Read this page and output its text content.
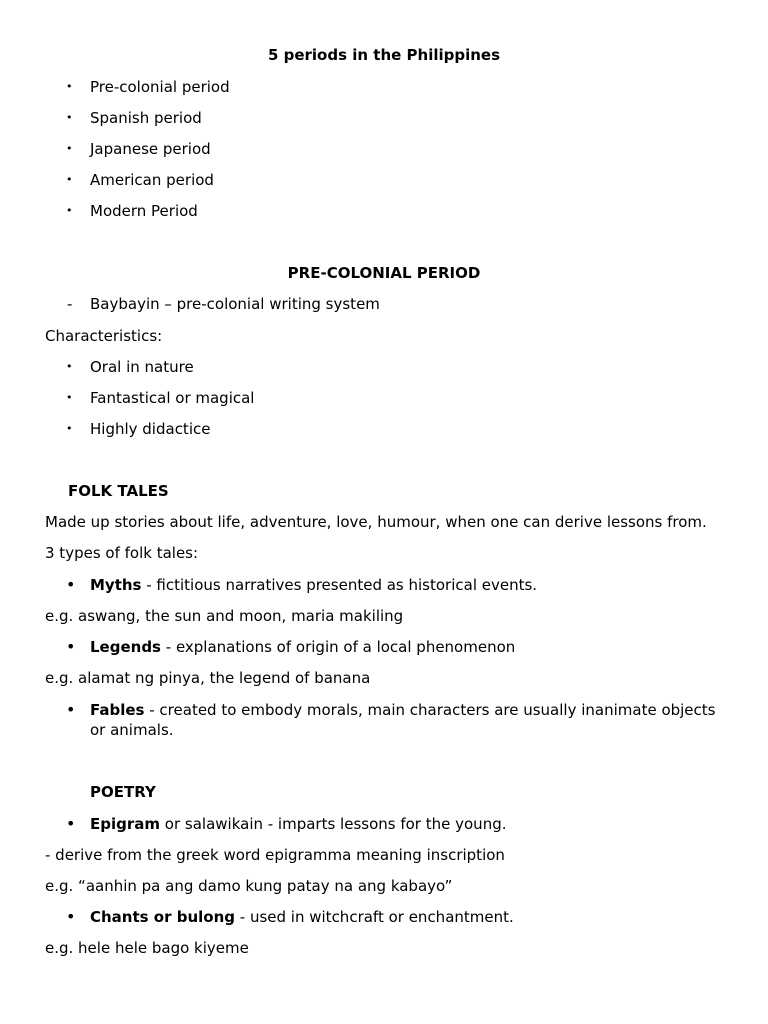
5 periods in the Philippines
• Pre-colonial period
• Spanish period
• Japanese period
• American period
• Modern Period
PRE-COLONIAL PERIOD
- Baybayin – pre-colonial writing system
Characteristics:
• Oral in nature
• Fantastical or magical
• Highly didactice
FOLK TALES
Made up stories about life, adventure, love, humour, when one can derive lessons from.
3 types of folk tales:
• Myths - fictitious narratives presented as historical events.
e.g. aswang, the sun and moon, maria makiling
• Legends - explanations of origin of a local phenomenon
e.g. alamat ng pinya, the legend of banana
• Fables - created to embody morals, main characters are usually inanimate objects or animals.
POETRY
• Epigram or salawikain - imparts lessons for the young.
- derive from the greek word epigramma meaning inscription
e.g. “aanhin pa ang damo kung patay na ang kabayo”
• Chants or bulong - used in witchcraft or enchantment.
e.g. hele hele bago kiyeme
